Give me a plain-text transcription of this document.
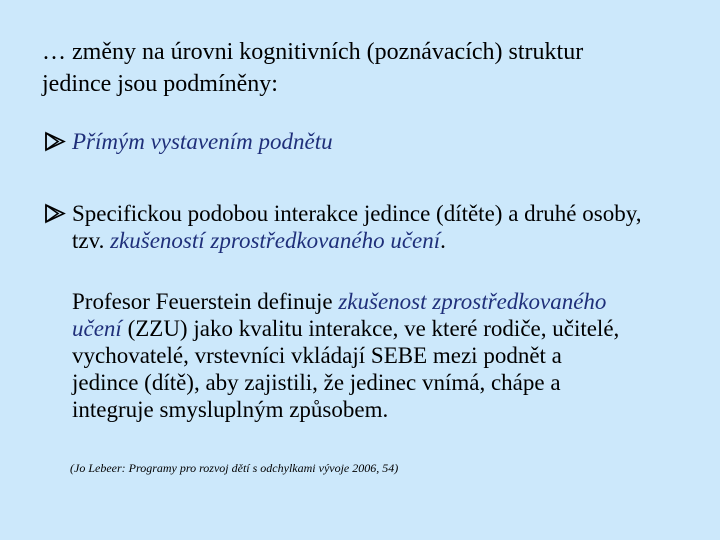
… změny na úrovni kognitivních (poznávacích) struktur
jedince jsou podmíněny:
Přímým vystavením podnětu
Specifickou podobou interakce jedince (dítěte) a druhé osoby, tzv. zkušeností zprostředkovaného učení.
Profesor Feuerstein definuje zkušenost zprostředkovaného učení (ZZU) jako kvalitu interakce, ve které rodiče, učitelé, vychovatelé, vrstevníci vkládají SEBE mezi podnět a jedince (dítě), aby zajistili, že jedinec vnímá, chápe a integruje smysluplným způsobem.
(Jo Lebeer: Programy pro rozvoj dětí s odchylkami vývoje 2006, 54)
